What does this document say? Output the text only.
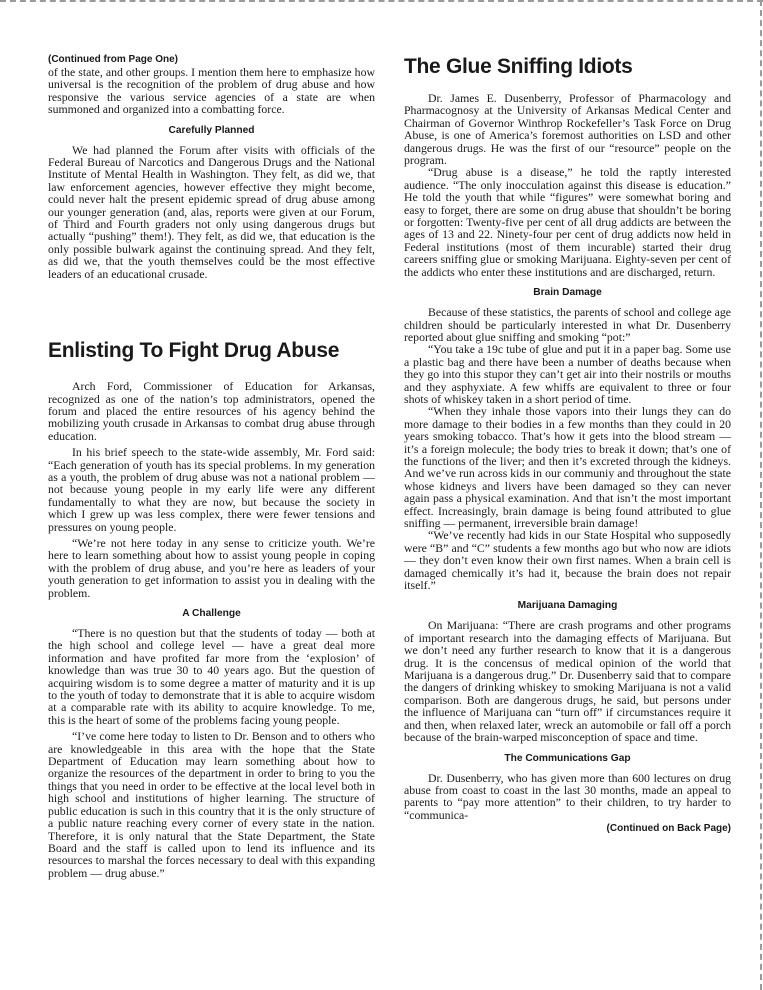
(Continued from Page One)

of the state, and other groups. I mention them here to emphasize how universal is the recognition of the problem of drug abuse and how responsive the various service agencies of a state are when summoned and organized into a combatting force.

Carefully Planned

We had planned the Forum after visits with officials of the Federal Bureau of Narcotics and Dangerous Drugs and the National Institute of Mental Health in Washington. They felt, as did we, that law enforcement agencies, however effective they might become, could never halt the present epidemic spread of drug abuse among our younger generation (and, alas, reports were given at our Forum, of Third and Fourth graders not only using dangerous drugs but actually “pushing” them!). They felt, as did we, that education is the only possible bulwark against the continuing spread. And they felt, as did we, that the youth themselves could be the most effective leaders of an educational crusade.

Enlisting To Fight Drug Abuse

Arch Ford, Commissioner of Education for Arkansas, recognized as one of the nation’s top administrators, opened the forum and placed the entire resources of his agency behind the mobilizing youth crusade in Arkansas to combat drug abuse through education.

In his brief speech to the state-wide assembly, Mr. Ford said: “Each generation of youth has its special problems. In my generation as a youth, the problem of drug abuse was not a national problem — not because young people in my early life were any different fundamentally to what they are now, but because the society in which I grew up was less complex, there were fewer tensions and pressures on young people.

“We’re not here today in any sense to criticize youth. We’re here to learn something about how to assist young people in coping with the problem of drug abuse, and you’re here as leaders of your youth generation to get information to assist you in dealing with the problem.

A Challenge

“There is no question but that the students of today — both at the high school and college level — have a great deal more information and have profited far more from the ‘explosion’ of knowledge than was true 30 to 40 years ago. But the question of acquiring wisdom is to some degree a matter of maturity and it is up to the youth of today to demonstrate that it is able to acquire wisdom at a comparable rate with its ability to acquire knowledge. To me, this is the heart of some of the problems facing young people.

“I’ve come here today to listen to Dr. Benson and to others who are knowledgeable in this area with the hope that the State Department of Education may learn something about how to organize the resources of the department in order to bring to you the things that you need in order to be effective at the local level both in high school and institutions of higher learning. The structure of public education is such in this country that it is the only structure of a public nature reaching every corner of every state in the nation. Therefore, it is only natural that the State Department, the State Board and the staff is called upon to lend its influence and its resources to marshal the forces necessary to deal with this expanding problem — drug abuse.”

The Glue Sniffing Idiots

Dr. James E. Dusenberry, Professor of Pharmacology and Pharmacognosy at the University of Arkansas Medical Center and Chairman of Governor Winthrop Rockefeller’s Task Force on Drug Abuse, is one of America’s foremost authorities on LSD and other dangerous drugs. He was the first of our “resource” people on the program.

“Drug abuse is a disease,” he told the raptly interested audience. “The only inocculation against this disease is education.” He told the youth that while “figures” were somewhat boring and easy to forget, there are some on drug abuse that shouldn’t be boring or forgotten: Twenty-five per cent of all drug addicts are between the ages of 13 and 22. Ninety-four per cent of drug addicts now held in Federal institutions (most of them incurable) started their drug careers sniffing glue or smoking Marijuana. Eighty-seven per cent of the addicts who enter these institutions and are discharged, return.

Brain Damage

Because of these statistics, the parents of school and college age children should be particularly interested in what Dr. Dusenberry reported about glue sniffing and smoking “pot:”

“You take a 19c tube of glue and put it in a paper bag. Some use a plastic bag and there have been a number of deaths because when they go into this stupor they can’t get air into their nostrils or mouths and they asphyxiate. A few whiffs are equivalent to three or four shots of whiskey taken in a short period of time.

“When they inhale those vapors into their lungs they can do more damage to their bodies in a few months than they could in 20 years smoking tobacco. That’s how it gets into the blood stream — it’s a foreign molecule; the body tries to break it down; that’s one of the functions of the liver; and then it’s excreted through the kidneys. And we’ve run across kids in our communiy and throughout the state whose kidneys and livers have been damaged so they can never again pass a physical examination. And that isn’t the most important effect. Increasingly, brain damage is being found attributed to glue sniffing — permanent, irreversible brain damage!

“We’ve recently had kids in our State Hospital who supposedly were “B” and “C” students a few months ago but who now are idiots — they don’t even know their own first names. When a brain cell is damaged chemically it’s had it, because the brain does not repair itself.”

Marijuana Damaging

On Marijuana: “There are crash programs and other programs of important research into the damaging effects of Marijuana. But we don’t need any further research to know that it is a dangerous drug. It is the concensus of medical opinion of the world that Marijuana is a dangerous drug.” Dr. Dusenberry said that to compare the dangers of drinking whiskey to smoking Marijuana is not a valid comparison. Both are dangerous drugs, he said, but persons under the influence of Marijuana can “turn off” if circumstances require it and then, when relaxed later, wreck an automobile or fall off a porch because of the brain-warped misconception of space and time.

The Communications Gap

Dr. Dusenberry, who has given more than 600 lectures on drug abuse from coast to coast in the last 30 months, made an appeal to parents to “pay more attention” to their children, to try harder to “communica-

(Continued on Back Page)
